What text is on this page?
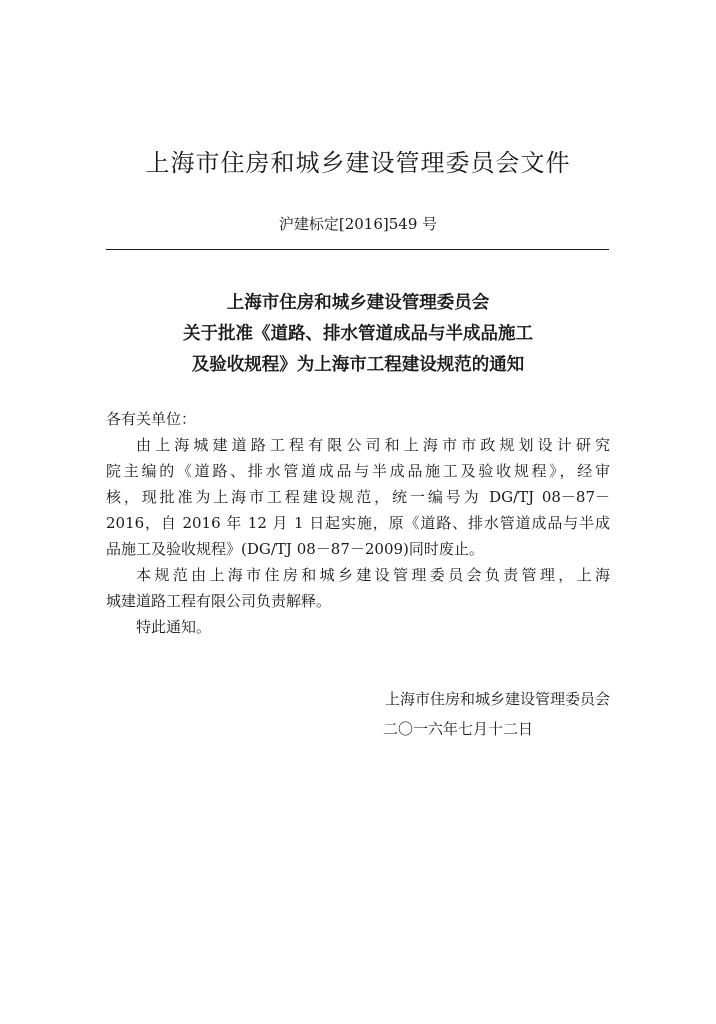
上海市住房和城乡建设管理委员会文件
沪建标定[2016]549 号
上海市住房和城乡建设管理委员会
关于批准《道路、排水管道成品与半成品施工
及验收规程》为上海市工程建设规范的通知
各有关单位：
由上海城建道路工程有限公司和上海市市政规划设计研究
院主编的《道路、排水管道成品与半成品施工及验收规程》，经审
核，现批准为上海市工程建设规范，统一编号为 DG/TJ 08－87－
2016，自 2016 年 12 月 1 日起实施，原《道路、排水管道成品与半成
品施工及验收规程》(DG/TJ 08－87－2009)同时废止。
本规范由上海市住房和城乡建设管理委员会负责管理，上海
城建道路工程有限公司负责解释。
特此通知。
上海市住房和城乡建设管理委员会
二〇一六年七月十二日
